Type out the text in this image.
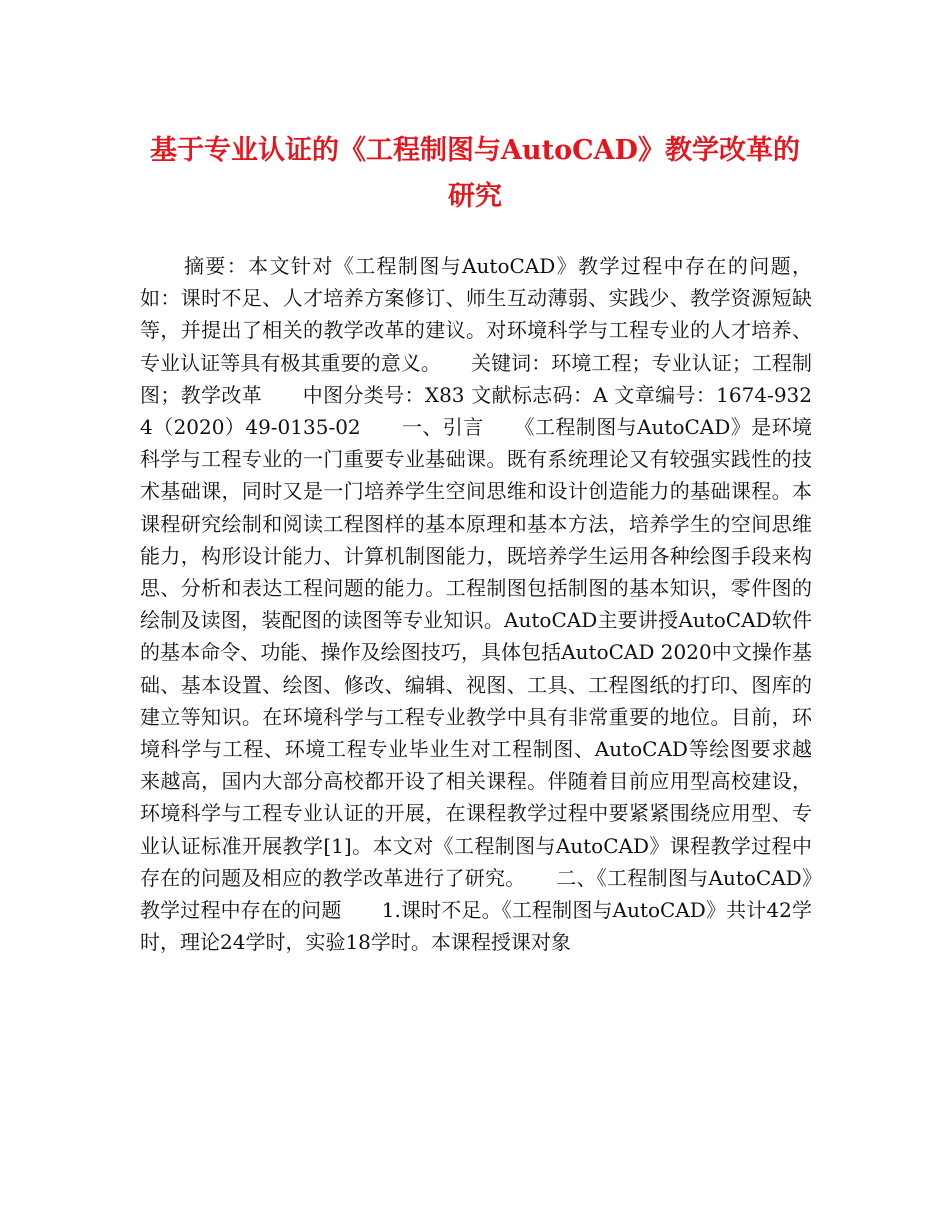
基于专业认证的《工程制图与AutoCAD》教学改革的研究

摘要：本文针对《工程制图与AutoCAD》教学过程中存在的问题，如：课时不足、人才培养方案修订、师生互动薄弱、实践少、教学资源短缺等，并提出了相关的教学改革的建议。对环境科学与工程专业的人才培养、专业认证等具有极其重要的意义。　　关键词：环境工程；专业认证；工程制图；教学改革　　中图分类号：X83 文献标志码：A 文章编号：1674-9324（2020）49-0135-02　　一、引言　　《工程制图与AutoCAD》是环境科学与工程专业的一门重要专业基础课。既有系统理论又有较强实践性的技术基础课，同时又是一门培养学生空间思维和设计创造能力的基础课程。本课程研究绘制和阅读工程图样的基本原理和基本方法，培养学生的空间思维能力，构形设计能力、计算机制图能力，既培养学生运用各种绘图手段来构思、分析和表达工程问题的能力。工程制图包括制图的基本知识，零件图的绘制及读图，装配图的读图等专业知识。AutoCAD主要讲授AutoCAD软件的基本命令、功能、操作及绘图技巧，具体包括AutoCAD 2020中文操作基础、基本设置、绘图、修改、编辑、视图、工具、工程图纸的打印、图库的建立等知识。在环境科学与工程专业教学中具有非常重要的地位。目前，环境科学与工程、环境工程专业毕业生对工程制图、AutoCAD等绘图要求越来越高，国内大部分高校都开设了相关课程。伴随着目前应用型高校建设，环境科学与工程专业认证的开展，在课程教学过程中要紧紧围绕应用型、专业认证标准开展教学[1]。本文对《工程制图与AutoCAD》课程教学过程中存在的问题及相应的教学改革进行了研究。　　二、《工程制图与AutoCAD》教学过程中存在的问题　　1.课时不足。《工程制图与AutoCAD》共计42学时，理论24学时，实验18学时。本课程授课对象
